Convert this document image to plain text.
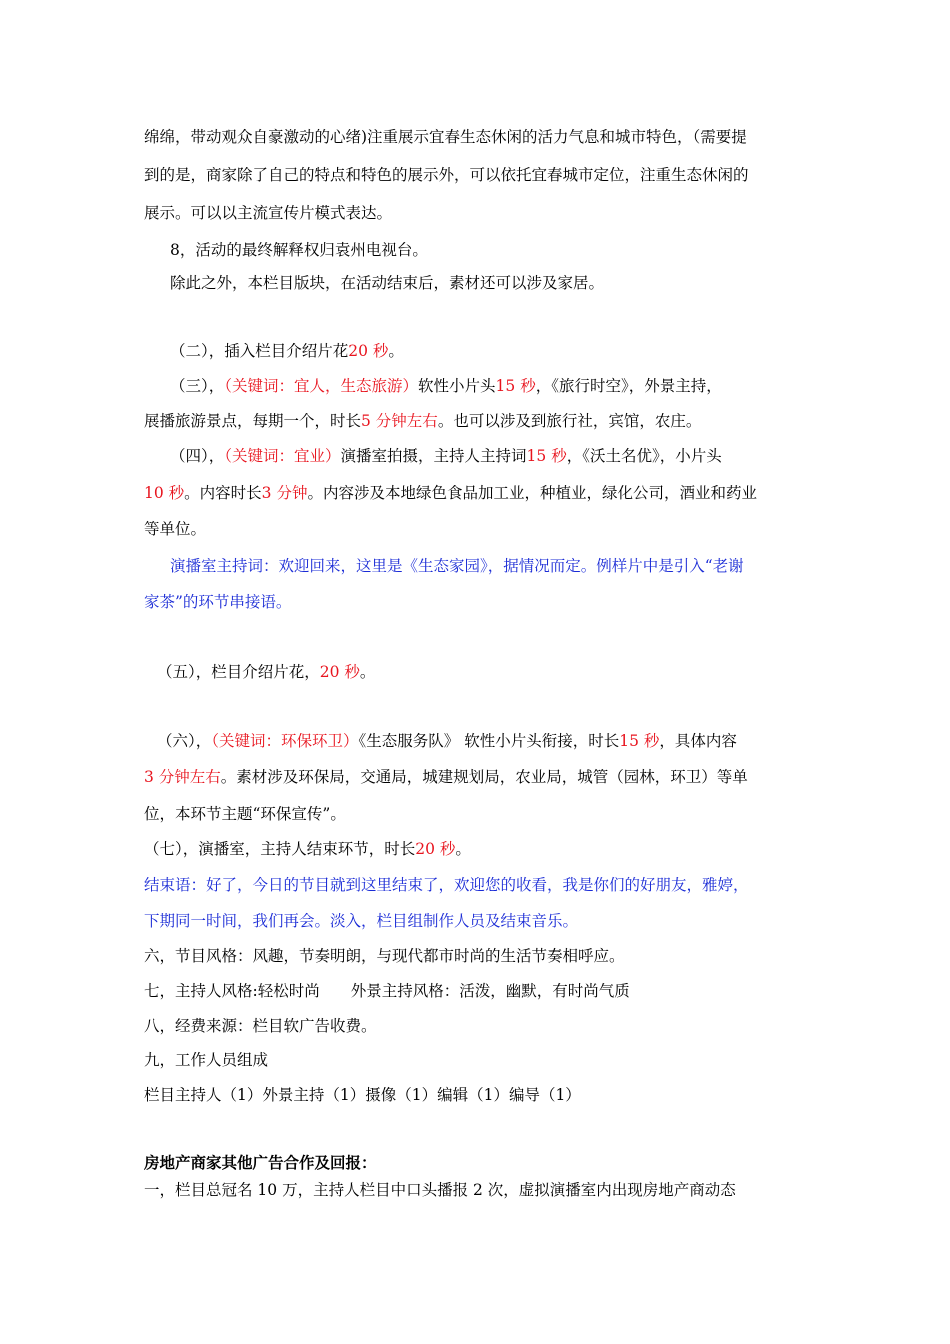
绵绵，带动观众自豪激动的心绪)注重展示宜春生态休闲的活力气息和城市特色，（需要提
到的是，商家除了自己的特点和特色的展示外，可以依托宜春城市定位，注重生态休闲的
展示。可以以主流宣传片模式表达。
8，活动的最终解释权归袁州电视台。
除此之外，本栏目版块，在活动结束后，素材还可以涉及家居。
（二），插入栏目介绍片花20 秒。
（三），（关键词：宜人，生态旅游）软性小片头15 秒，《旅行时空》，外景主持，
展播旅游景点，每期一个，时长5 分钟左右。也可以涉及到旅行社，宾馆，农庄。
（四），（关键词：宜业）演播室拍摄，主持人主持词15 秒，《沃土名优》，小片头
10 秒。内容时长3 分钟。内容涉及本地绿色食品加工业，种植业，绿化公司，酒业和药业
等单位。
演播室主持词：欢迎回来，这里是《生态家园》，据情况而定。例样片中是引入“老谢
家茶”的环节串接语。
（五），栏目介绍片花，20 秒。
（六），（关键词：环保环卫）《生态服务队》 软性小片头衔接，时长15 秒，具体内容
3 分钟左右。素材涉及环保局，交通局，城建规划局，农业局，城管（园林，环卫）等单
位，本环节主题“环保宣传”。
（七），演播室，主持人结束环节，时长20 秒。
结束语：好了，今日的节目就到这里结束了，欢迎您的收看，我是你们的好朋友，雅婷，
下期同一时间，我们再会。淡入，栏目组制作人员及结束音乐。
六，节目风格：风趣，节奏明朗，与现代都市时尚的生活节奏相呼应。
七，主持人风格:轻松时尚　　外景主持风格：活泼，幽默，有时尚气质
八，经费来源：栏目软广告收费。
九，工作人员组成
栏目主持人（1）外景主持（1）摄像（1）编辑（1）编导（1）
房地产商家其他广告合作及回报：
一，栏目总冠名 10 万，主持人栏目中口头播报 2 次，虚拟演播室内出现房地产商动态
